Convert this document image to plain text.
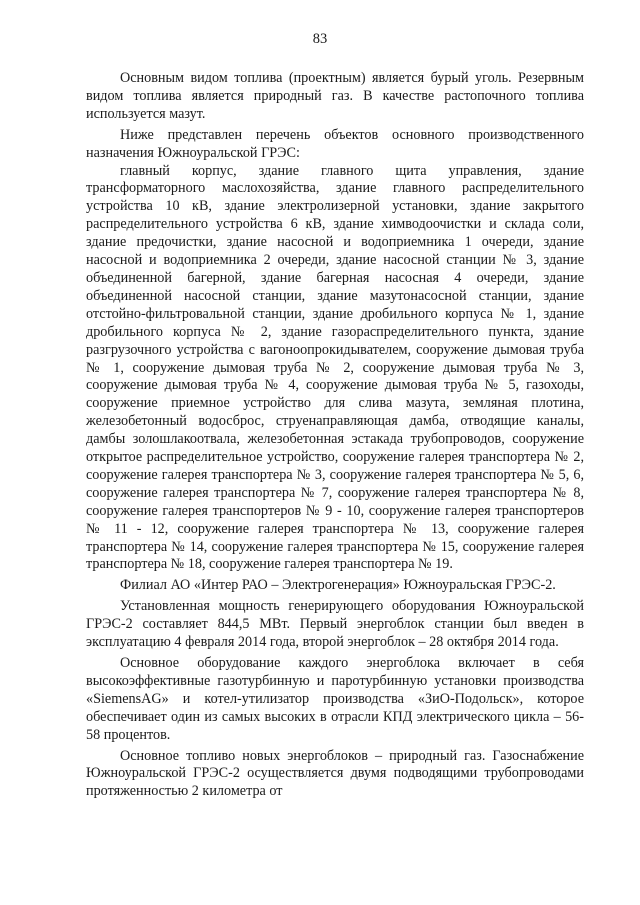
83

Основным видом топлива (проектным) является бурый уголь. Резервным видом топлива является природный газ. В качестве растопочного топлива используется мазут.

Ниже представлен перечень объектов основного производственного назначения Южноуральской ГРЭС:

главный корпус, здание главного щита управления, здание трансформаторного маслохозяйства, здание главного распределительного устройства 10 кВ, здание электролизерной установки, здание закрытого распределительного устройства 6 кВ, здание химводоочистки и склада соли, здание предочистки, здание насосной и водоприемника 1 очереди, здание насосной и водоприемника 2 очереди, здание насосной станции № 3, здание объединенной багерной, здание багерная насосная 4 очереди, здание объединенной насосной станции, здание мазутонасосной станции, здание отстойно-фильтровальной станции, здание дробильного корпуса № 1, здание дробильного корпуса № 2, здание газораспределительного пункта, здание разгрузочного устройства с вагоноопрокидывателем, сооружение дымовая труба № 1, сооружение дымовая труба № 2, сооружение дымовая труба № 3, сооружение дымовая труба № 4, сооружение дымовая труба № 5, газоходы, сооружение приемное устройство для слива мазута, земляная плотина, железобетонный водосброс, струенаправляющая дамба, отводящие каналы, дамбы золошлакоотвала, железобетонная эстакада трубопроводов, сооружение открытое распределительное устройство, сооружение галерея транспортера № 2, сооружение галерея транспортера № 3, сооружение галерея транспортера № 5, 6, сооружение галерея транспортера № 7, сооружение галерея транспортера № 8, сооружение галерея транспортеров № 9 - 10, сооружение галерея транспортеров № 11 - 12, сооружение галерея транспортера № 13, сооружение галерея транспортера № 14, сооружение галерея транспортера № 15, сооружение галерея транспортера № 18, сооружение галерея транспортера № 19.

Филиал АО «Интер РАО – Электрогенерация» Южноуральская ГРЭС-2.

Установленная мощность генерирующего оборудования Южноуральской ГРЭС-2 составляет 844,5 МВт. Первый энергоблок станции был введен в эксплуатацию 4 февраля 2014 года, второй энергоблок – 28 октября 2014 года.

Основное оборудование каждого энергоблока включает в себя высокоэффективные газотурбинную и паротурбинную установки производства «SiemensAG» и котел-утилизатор производства «ЗиО-Подольск», которое обеспечивает один из самых высоких в отрасли КПД электрического цикла – 56-58 процентов.

Основное топливо новых энергоблоков – природный газ. Газоснабжение Южноуральской ГРЭС-2 осуществляется двумя подводящими трубопроводами протяженностью 2 километра от
